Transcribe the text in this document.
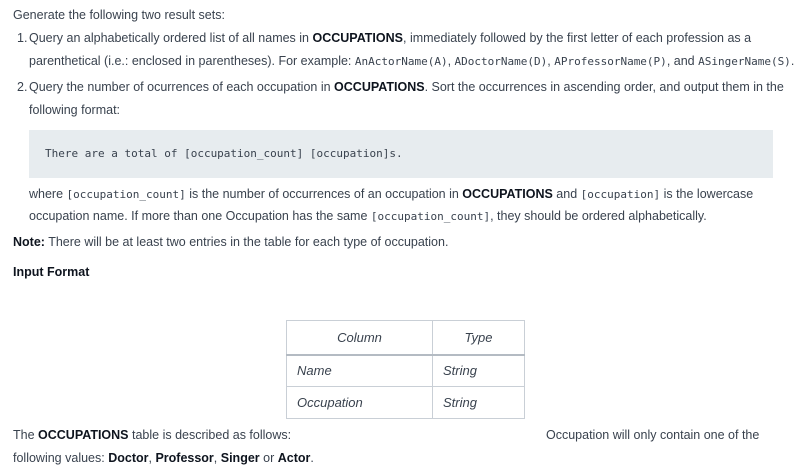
Generate the following two result sets:
1. Query an alphabetically ordered list of all names in OCCUPATIONS, immediately followed by the first letter of each profession as a
parenthetical (i.e.: enclosed in parentheses). For example: AnActorName(A), ADoctorName(D), AProfessorName(P), and ASingerName(S).
2. Query the number of ocurrences of each occupation in OCCUPATIONS. Sort the occurrences in ascending order, and output them in the
following format:
There are a total of [occupation_count] [occupation]s.
where [occupation_count] is the number of occurrences of an occupation in OCCUPATIONS and [occupation] is the lowercase
occupation name. If more than one Occupation has the same [occupation_count], they should be ordered alphabetically.
Note: There will be at least two entries in the table for each type of occupation.
Input Format
Column	Type
Name	String
Occupation	String
The OCCUPATIONS table is described as follows:	Occupation will only contain one of the
following values: Doctor, Professor, Singer or Actor.
